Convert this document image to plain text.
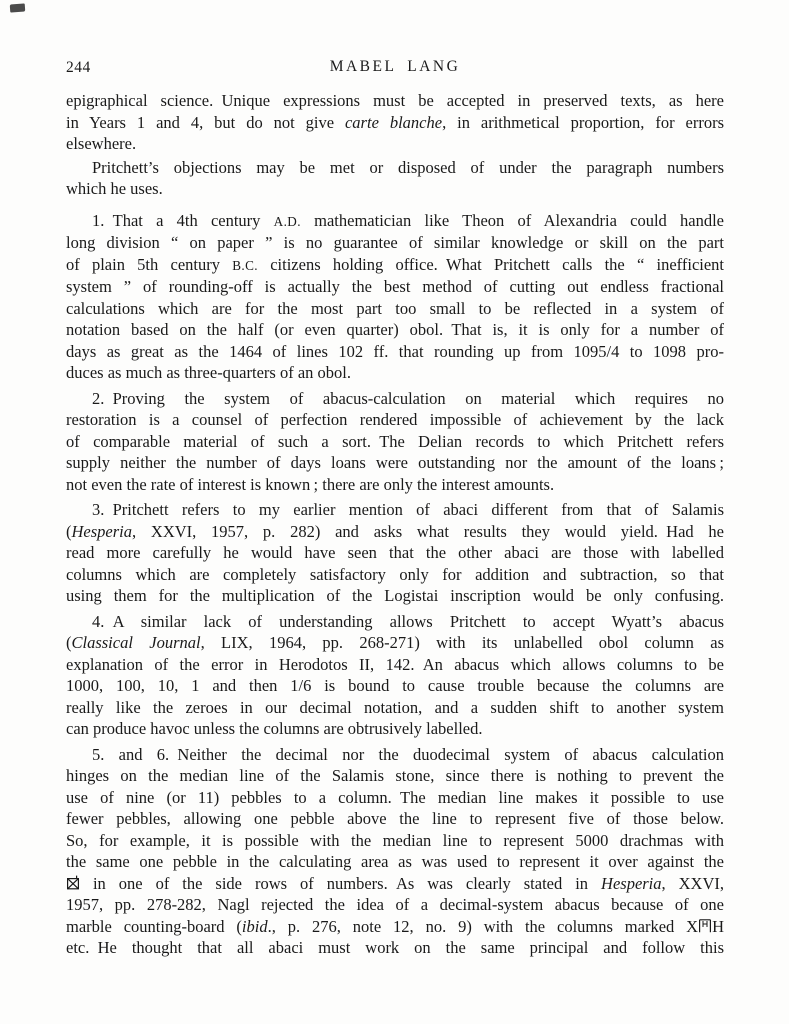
244	MABEL LANG
epigraphical science. Unique expressions must be accepted in preserved texts, as here
in Years 1 and 4, but do not give carte blanche, in arithmetical proportion, for errors
elsewhere.
Pritchett’s objections may be met or disposed of under the paragraph numbers
which he uses.
1. That a 4th century A.D. mathematician like Theon of Alexandria could handle
long division “ on paper ” is no guarantee of similar knowledge or skill on the part
of plain 5th century B.C. citizens holding office. What Pritchett calls the “ inefficient
system ” of rounding-off is actually the best method of cutting out endless fractional
calculations which are for the most part too small to be reflected in a system of
notation based on the half (or even quarter) obol. That is, it is only for a number of
days as great as the 1464 of lines 102 ff. that rounding up from 1095/4 to 1098 pro-
duces as much as three-quarters of an obol.
2. Proving the system of abacus-calculation on material which requires no
restoration is a counsel of perfection rendered impossible of achievement by the lack
of comparable material of such a sort. The Delian records to which Pritchett refers
supply neither the number of days loans were outstanding nor the amount of the loans ;
not even the rate of interest is known ; there are only the interest amounts.
3. Pritchett refers to my earlier mention of abaci different from that of Salamis
(Hesperia, XXVI, 1957, p. 282) and asks what results they would yield. Had he
read more carefully he would have seen that the other abaci are those with labelled
columns which are completely satisfactory only for addition and subtraction, so that
using them for the multiplication of the Logistai inscription would be only confusing.
4. A similar lack of understanding allows Pritchett to accept Wyatt’s abacus
(Classical Journal, LIX, 1964, pp. 268-271) with its unlabelled obol column as
explanation of the error in Herodotos II, 142. An abacus which allows columns to be
1000, 100, 10, 1 and then 1/6 is bound to cause trouble because the columns are
really like the zeroes in our decimal notation, and a sudden shift to another system
can produce havoc unless the columns are obtrusively labelled.
5. and 6. Neither the decimal nor the duodecimal system of abacus calculation
hinges on the median line of the Salamis stone, since there is nothing to prevent the
use of nine (or 11) pebbles to a column. The median line makes it possible to use
fewer pebbles, allowing one pebble above the line to represent five of those below.
So, for example, it is possible with the median line to represent 5000 drachmas with
the same one pebble in the calculating area as was used to represent it over against the
in one of the side rows of numbers. As was clearly stated in Hesperia, XXVI,
1957, pp. 278-282, Nagl rejected the idea of a decimal-system abacus because of one
marble counting-board (ibid., p. 276, note 12, no. 9) with the columns marked Χ Η
etc. He thought that all abaci must work on the same principal and follow this
